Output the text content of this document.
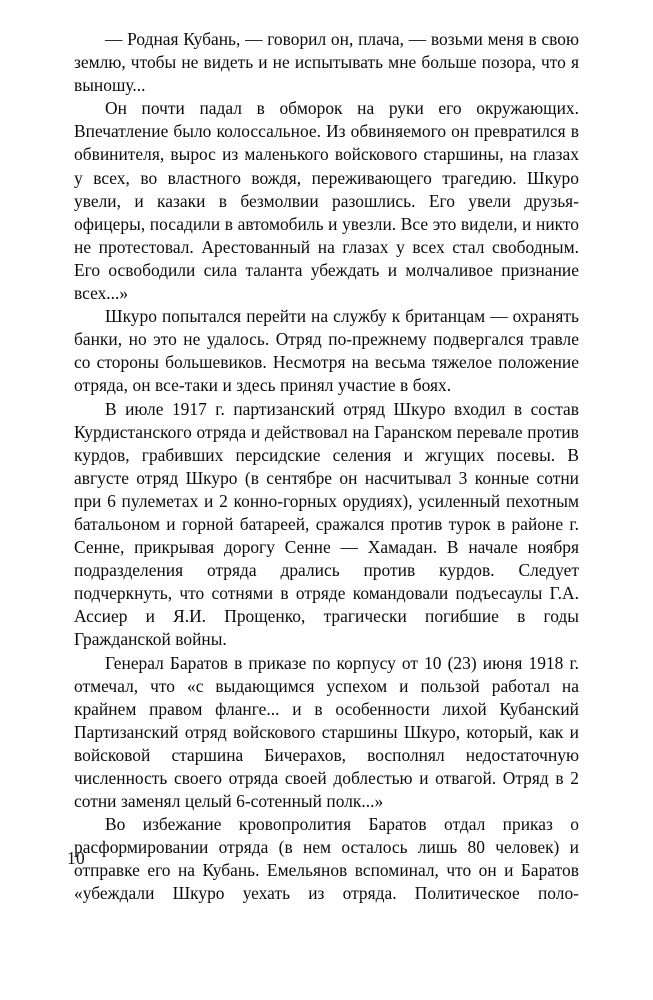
— Родная Кубань, — говорил он, плача, — возьми меня в свою землю, чтобы не видеть и не испытывать мне больше позора, что я выношу...

Он почти падал в обморок на руки его окружающих. Впечатление было колоссальное. Из обвиняемого он превратился в обвинителя, вырос из маленького войскового старшины, на глазах у всех, во властного вождя, переживающего трагедию. Шкуро увели, и казаки в безмолвии разошлись. Его увели друзья-офицеры, посадили в автомобиль и увезли. Все это видели, и никто не протестовал. Арестованный на глазах у всех стал свободным. Его освободили сила таланта убеждать и молчаливое признание всех...»

Шкуро попытался перейти на службу к британцам — охранять банки, но это не удалось. Отряд по-прежнему подвергался травле со стороны большевиков. Несмотря на весьма тяжелое положение отряда, он все-таки и здесь принял участие в боях.

В июле 1917 г. партизанский отряд Шкуро входил в состав Курдистанского отряда и действовал на Гаранском перевале против курдов, грабивших персидские селения и жгущих посевы. В августе отряд Шкуро (в сентябре он насчитывал 3 конные сотни при 6 пулеметах и 2 конно-горных орудиях), усиленный пехотным батальоном и горной батареей, сражался против турок в районе г. Сенне, прикрывая дорогу Сенне — Хамадан. В начале ноября подразделения отряда дрались против курдов. Следует подчеркнуть, что сотнями в отряде командовали подъесаулы Г.А. Ассиер и Я.И. Прощенко, трагически погибшие в годы Гражданской войны.

Генерал Баратов в приказе по корпусу от 10 (23) июня 1918 г. отмечал, что «с выдающимся успехом и пользой работал на крайнем правом фланге... и в особенности лихой Кубанский Партизанский отряд войскового старшины Шкуро, который, как и войсковой старшина Бичерахов, восполнял недостаточную численность своего отряда своей доблестью и отвагой. Отряд в 2 сотни заменял целый 6-сотенный полк...»

Во избежание кровопролития Баратов отдал приказ о расформировании отряда (в нем осталось лишь 80 человек) и отправке его на Кубань. Емельянов вспоминал, что он и Баратов «убеждали Шкуро уехать из отряда. Политическое поло-

10
